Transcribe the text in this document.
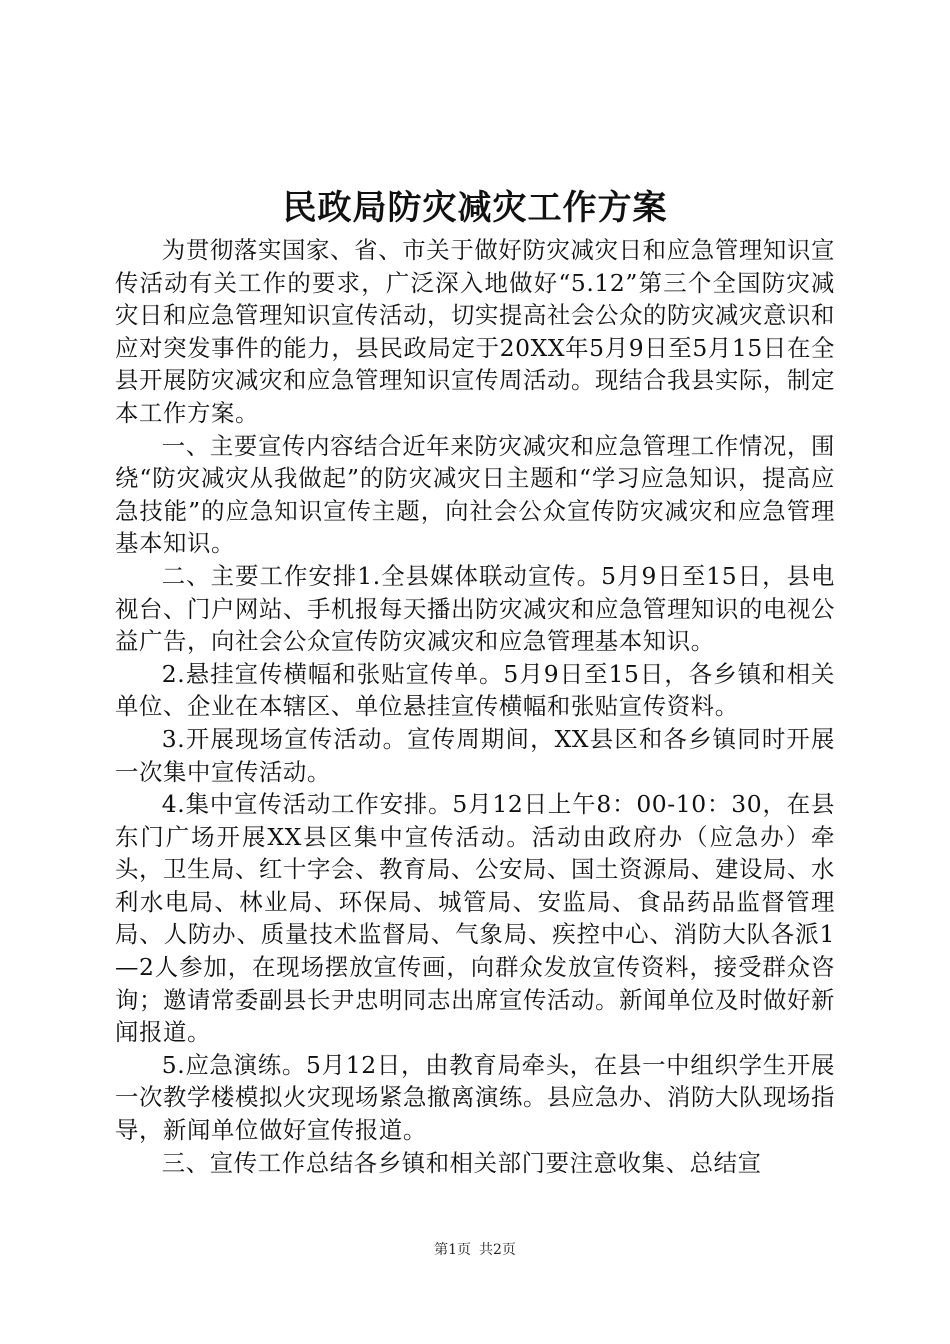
民政局防灾减灾工作方案

为贯彻落实国家、省、市关于做好防灾减灾日和应急管理知识宣传活动有关工作的要求，广泛深入地做好“5.12”第三个全国防灾减灾日和应急管理知识宣传活动，切实提高社会公众的防灾减灾意识和应对突发事件的能力，县民政局定于20XX年5月9日至5月15日在全县开展防灾减灾和应急管理知识宣传周活动。现结合我县实际，制定本工作方案。

一、主要宣传内容结合近年来防灾减灾和应急管理工作情况，围绕“防灾减灾从我做起”的防灾减灾日主题和“学习应急知识，提高应急技能”的应急知识宣传主题，向社会公众宣传防灾减灾和应急管理基本知识。

二、主要工作安排1.全县媒体联动宣传。5月9日至15日，县电视台、门户网站、手机报每天播出防灾减灾和应急管理知识的电视公益广告，向社会公众宣传防灾减灾和应急管理基本知识。

2.悬挂宣传横幅和张贴宣传单。5月9日至15日，各乡镇和相关单位、企业在本辖区、单位悬挂宣传横幅和张贴宣传资料。

3.开展现场宣传活动。宣传周期间，XX县区和各乡镇同时开展一次集中宣传活动。

4.集中宣传活动工作安排。5月12日上午8：00-10：30，在县东门广场开展XX县区集中宣传活动。活动由政府办（应急办）牵头，卫生局、红十字会、教育局、公安局、国土资源局、建设局、水利水电局、林业局、环保局、城管局、安监局、食品药品监督管理局、人防办、质量技术监督局、气象局、疾控中心、消防大队各派1—2人参加，在现场摆放宣传画，向群众发放宣传资料，接受群众咨询；邀请常委副县长尹忠明同志出席宣传活动。新闻单位及时做好新闻报道。

5.应急演练。5月12日，由教育局牵头，在县一中组织学生开展一次教学楼模拟火灾现场紧急撤离演练。县应急办、消防大队现场指导，新闻单位做好宣传报道。

三、宣传工作总结各乡镇和相关部门要注意收集、总结宣

第1页 共2页
